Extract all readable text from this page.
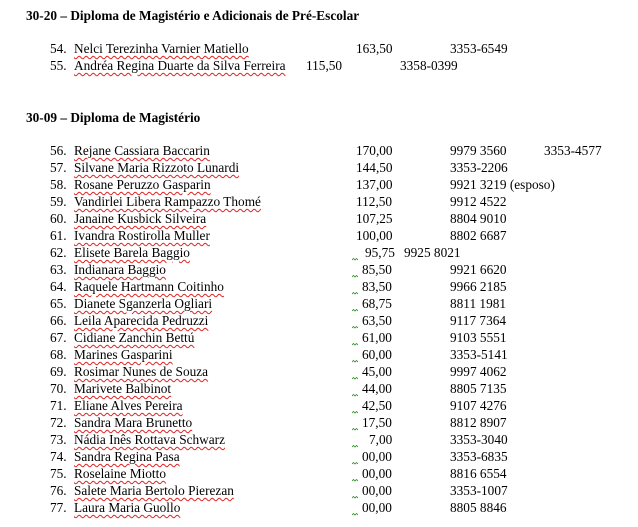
30-20 – Diploma de Magistério e Adicionais de Pré-Escolar
54. Nelci Terezinha Varnier Matiello	163,50	3353-6549
55. Andréa Regina Duarte da Silva Ferreira 115,50	3358-0399
30-09 – Diploma de Magistério
56. Rejane Cassiara Baccarin	170,00	9979 3560	3353-4577
57. Silvane Maria Rizzoto Lunardi	144,50	3353-2206
58. Rosane Peruzzo Gasparin	137,00	9921 3219 (esposo)
59. Vandirlei Libera Rampazzo Thomé	112,50	9912 4522
60. Janaine Kusbick Silveira	107,25	8804 9010
61. Ivandra Rostirolla Muller	100,00	8802 6687
62. Elisete Barela Baggio	95,75 9925 8021
63. Indianara Baggio	85,50	9921 6620
64. Raquele Hartmann Coitinho	83,50	9966 2185
65. Dianete Sganzerla Ogliari	68,75	8811 1981
66. Leila Aparecida Pedruzzi	63,50	9117 7364
67. Cidiane Zanchin Bettú	61,00	9103 5551
68. Marines Gasparini	60,00	3353-5141
69. Rosimar Nunes de Souza	45,00	9997 4062
70. Marivete Balbinot	44,00	8805 7135
71. Eliane Alves Pereira	42,50	9107 4276
72. Sandra Mara Brunetto	17,50	8812 8907
73. Nádia Inês Rottava Schwarz	7,00	3353-3040
74. Sandra Regina Pasa	00,00	3353-6835
75. Roselaine Miotto	00,00	8816 6554
76. Salete Maria Bertolo Pierezan	00,00	3353-1007
77. Laura Maria Guollo	00,00	8805 8846
